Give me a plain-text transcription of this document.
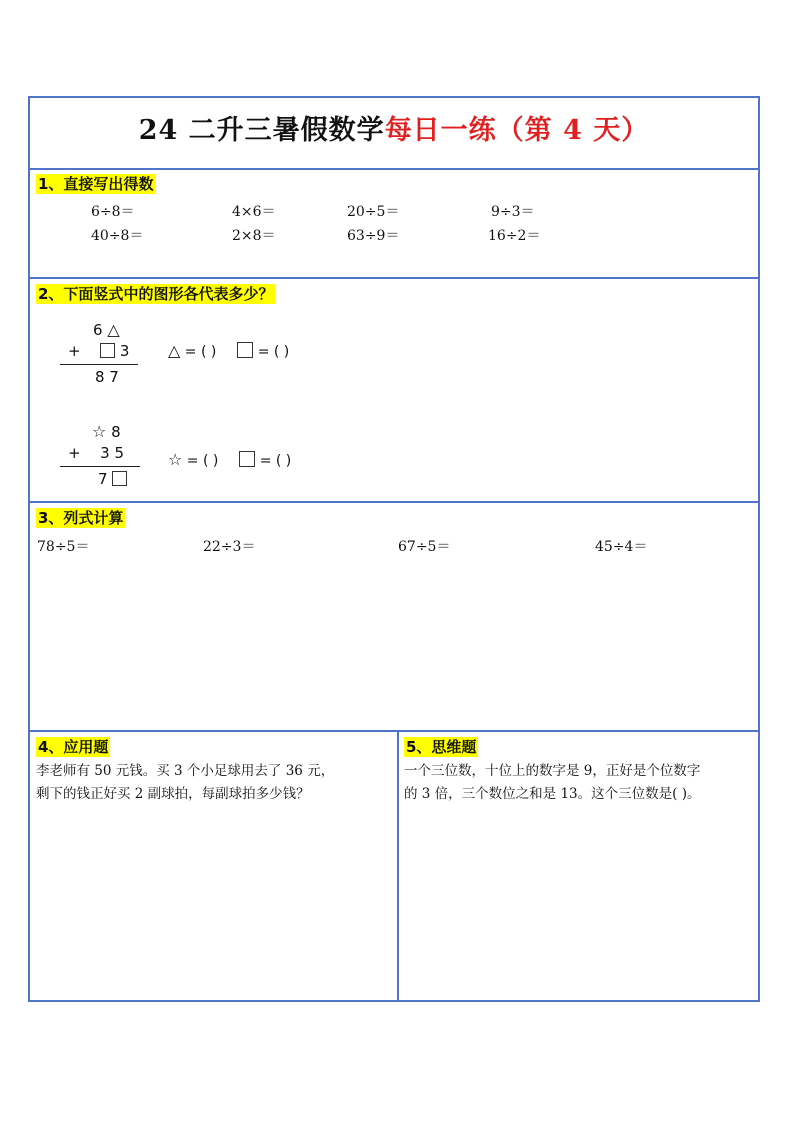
24 二升三暑假数学每日一练（第 4 天）
1、直接写出得数
6÷8＝	4×6＝	20÷5＝	9÷3＝
40÷8＝	2×8＝	63÷9＝	16÷2＝
2、下面竖式中的图形各代表多少？
6 △
+	3
8 7
△ = ( )	= ( )
☆ 8
+ 3 5
7
☆ = ( )	= ( )
3、列式计算
78÷5＝	22÷3＝	67÷5＝	45÷4＝
4、应用题
李老师有 50 元钱。买 3 个小足球用去了 36 元，
剩下的钱正好买 2 副球拍，每副球拍多少钱？
5、思维题
一个三位数，十位上的数字是 9，正好是个位数字
的 3 倍，三个数位之和是 13。这个三位数是( )。
